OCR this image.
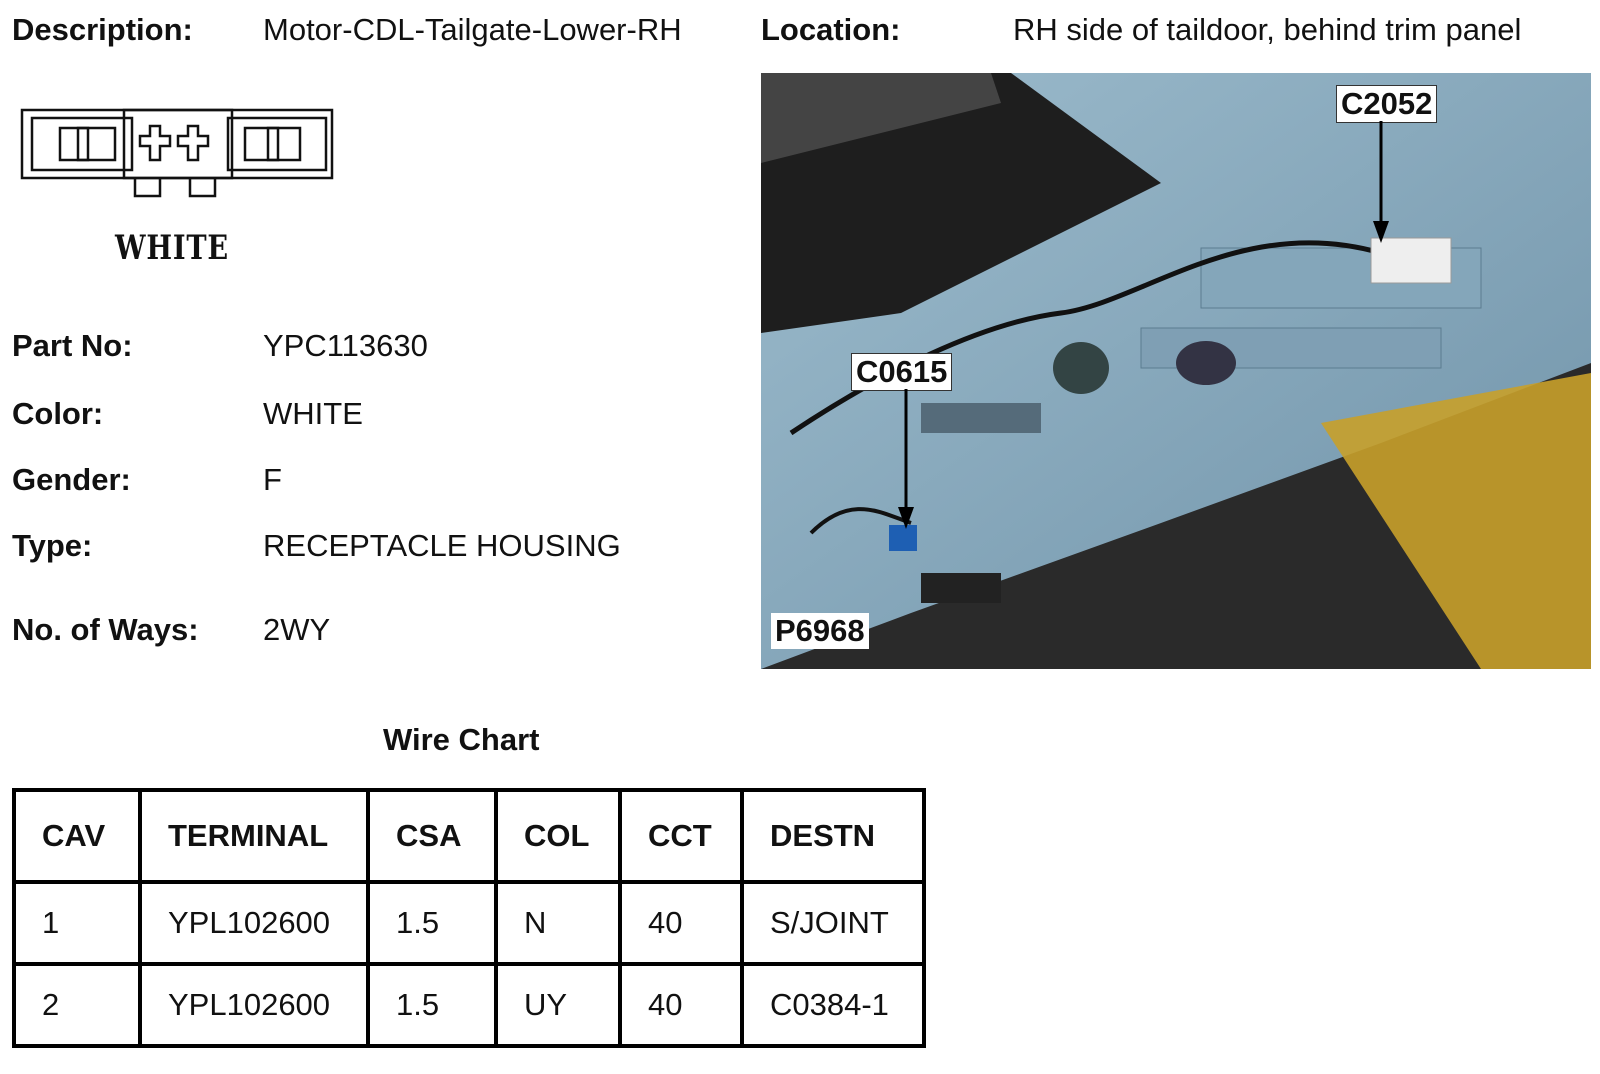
Description: Motor-CDL-Tailgate-Lower-RH	Location:	RH side of taildoor, behind trim panel
WHITE
Part No:	YPC113630
Color:	WHITE
Gender:	F
Type:	RECEPTACLE HOUSING
No. of Ways: 2WY
C2052
C0615
P6968
Wire Chart
CAV	TERMINAL	CSA	COL	CCT	DESTN
1	YPL102600	1.5	N	40	S/JOINT
2	YPL102600	1.5	UY	40	C0384-1
